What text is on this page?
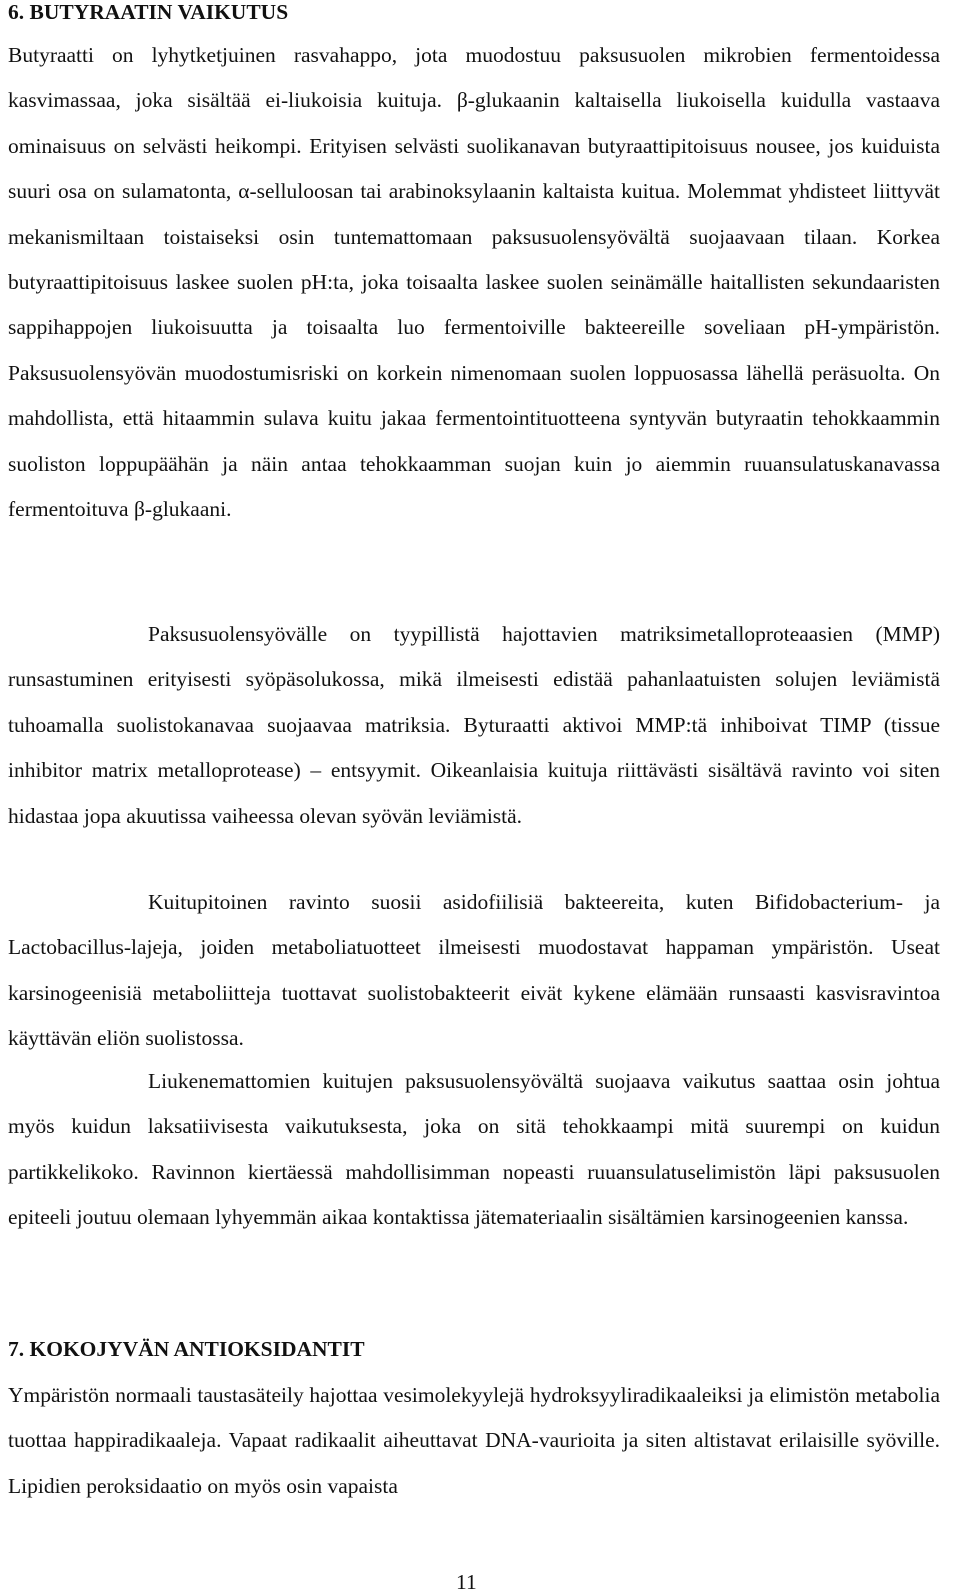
6. BUTYRAATIN VAIKUTUS

Butyraatti on lyhytketjuinen rasvahappo, jota muodostuu paksusuolen mikrobien fermentoidessa kasvimassaa, joka sisältää ei-liukoisia kuituja. β-glukaanin kaltaisella liukoisella kuidulla vastaava ominaisuus on selvästi heikompi. Erityisen selvästi suolikanavan butyraattipitoisuus nousee, jos kuiduista suuri osa on sulamatonta, α-selluloosan tai arabinoksylaanin kaltaista kuitua. Molemmat yhdisteet liittyvät mekanismiltaan toistaiseksi osin tuntemattomaan paksusuolensyövältä suojaavaan tilaan. Korkea butyraattipitoisuus laskee suolen pH:ta, joka toisaalta laskee suolen seinämälle haitallisten sekundaaristen sappihappojen liukoisuutta ja toisaalta luo fermentoiville bakteereille soveliaan pH-ympäristön. Paksusuolensyövän muodostumisriski on korkein nimenomaan suolen loppuosassa lähellä peräsuolta. On mahdollista, että hitaammin sulava kuitu jakaa fermentointituotteena syntyvän butyraatin tehokkaammin suoliston loppupäähän ja näin antaa tehokkaamman suojan kuin jo aiemmin ruuansulatuskanavassa fermentoituva β-glukaani.

Paksusuolensyövälle on tyypillistä hajottavien matriksimetalloproteaasien (MMP) runsastuminen erityisesti syöpäsolukossa, mikä ilmeisesti edistää pahanlaatuisten solujen leviämistä tuhoamalla suolistokanavaa suojaavaa matriksia. Byturaatti aktivoi MMP:tä inhiboivat TIMP (tissue inhibitor matrix metalloprotease) – entsyymit. Oikeanlaisia kuituja riittävästi sisältävä ravinto voi siten hidastaa jopa akuutissa vaiheessa olevan syövän leviämistä.

Kuitupitoinen ravinto suosii asidofiilisiä bakteereita, kuten Bifidobacterium- ja Lactobacillus-lajeja, joiden metaboliatuotteet ilmeisesti muodostavat happaman ympäristön. Useat karsinogeenisiä metaboliitteja tuottavat suolistobakteerit eivät kykene elämään runsaasti kasvisravintoa käyttävän eliön suolistossa.

Liukenemattomien kuitujen paksusuolensyövältä suojaava vaikutus saattaa osin johtua myös kuidun laksatiivisesta vaikutuksesta, joka on sitä tehokkaampi mitä suurempi on kuidun partikkelikoko. Ravinnon kiertäessä mahdollisimman nopeasti ruuansulatuselimistön läpi paksusuolen epiteeli joutuu olemaan lyhyemmän aikaa kontaktissa jätemateriaalin sisältämien karsinogeenien kanssa.

7. KOKOJYVÄN ANTIOKSIDANTIT

Ympäristön normaali taustasäteily hajottaa vesimolekyylejä hydroksyyliradikaaleiksi ja elimistön metabolia tuottaa happiradikaaleja. Vapaat radikaalit aiheuttavat DNA-vaurioita ja siten altistavat erilaisille syöville. Lipidien peroksidaatio on myös osin vapaista

11
